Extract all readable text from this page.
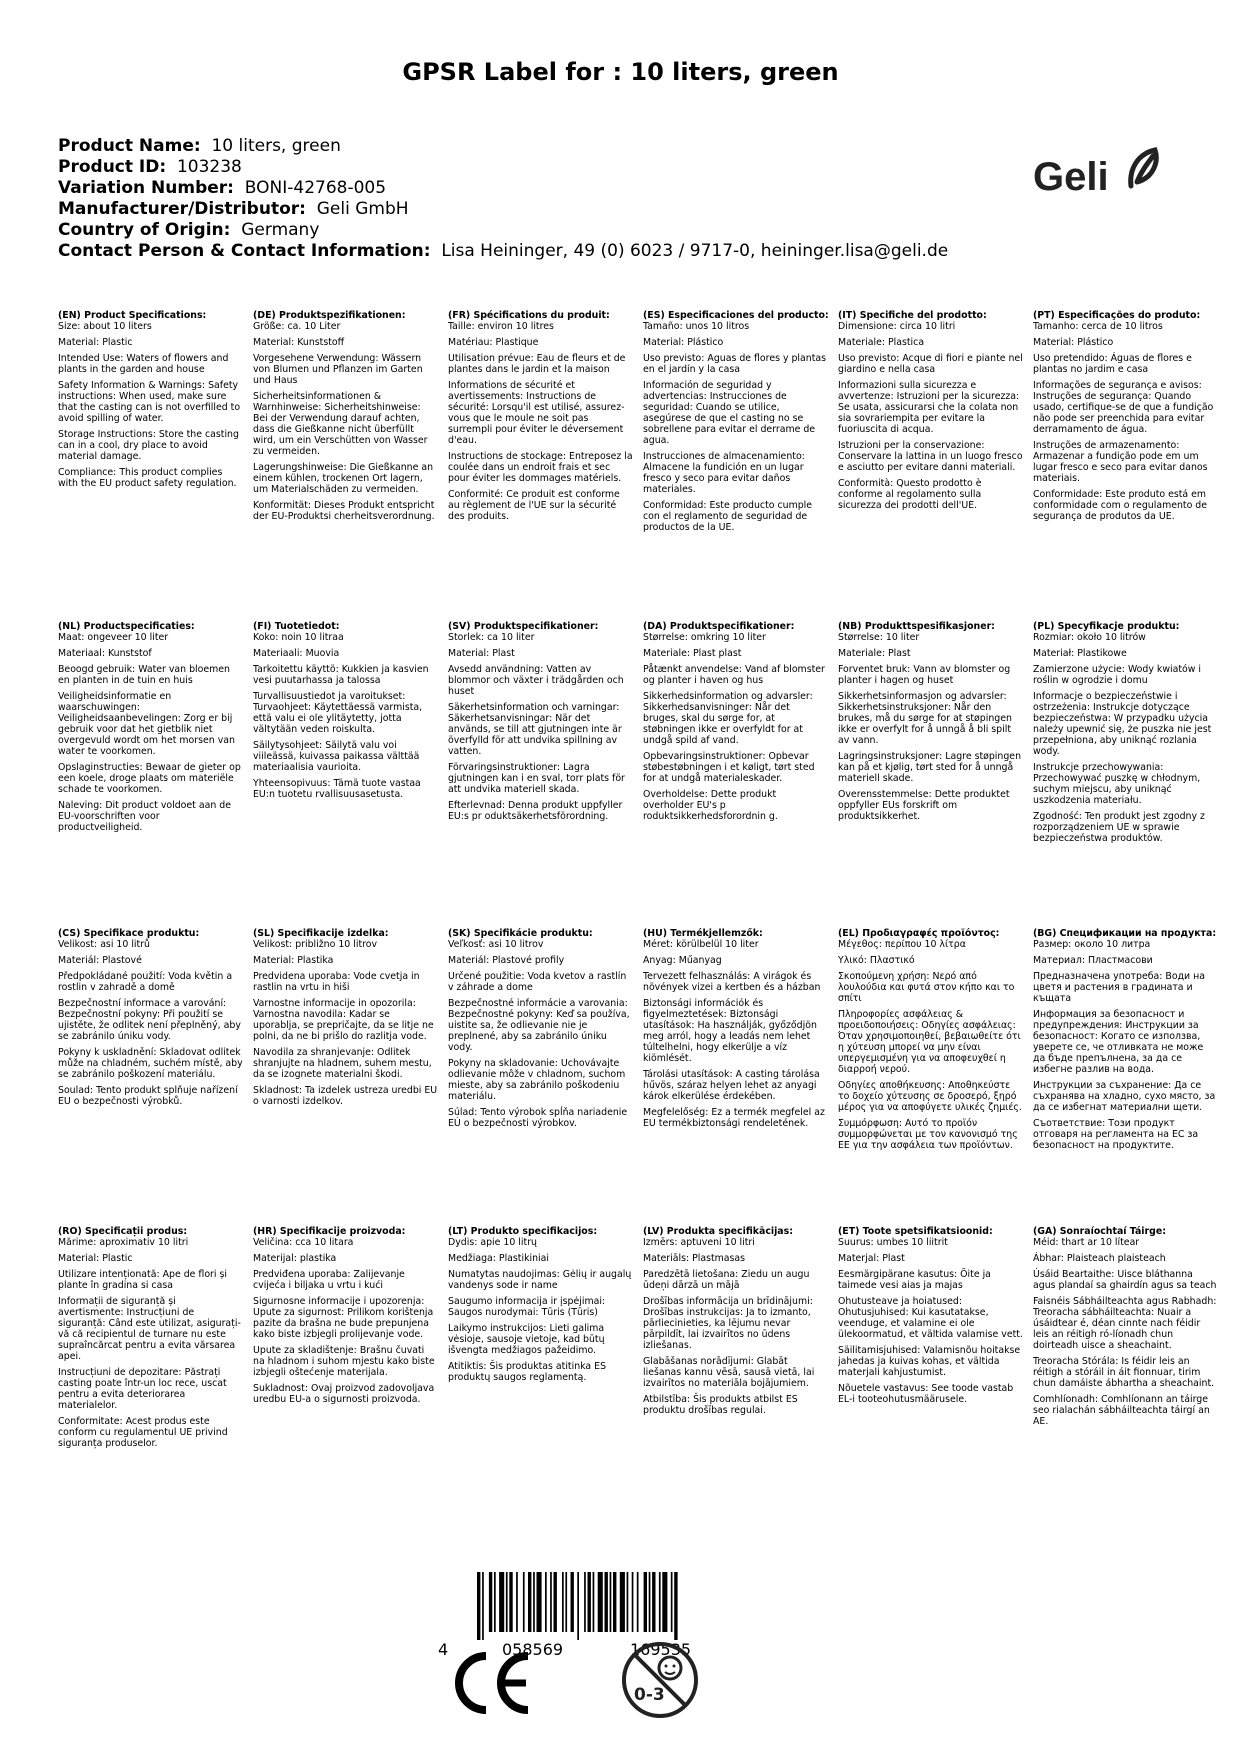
GPSR Label for : 10 liters, green
Product Name: 10 liters, green
Product ID: 103238
Variation Number: BONI-42768-005
Manufacturer/Distributor: Geli GmbH
Country of Origin: Germany
Contact Person & Contact Information: Lisa Heininger, 49 (0) 6023 / 9717-0, heininger.lisa@geli.de
Geli
(EN) Product Specifications:
Size: about 10 liters
Material: Plastic
Intended Use: Waters of flowers and plants in the garden and house
Safety Information & Warnings: Safety instructions: When used, make sure that the casting can is not overfilled to avoid spilling of water.
Storage Instructions: Store the casting can in a cool, dry place to avoid material damage.
Compliance: This product complies with the EU product safety regulation.
(DE) Produktspezifikationen:
Größe: ca. 10 Liter
Material: Kunststoff
Vorgesehene Verwendung: Wässern von Blumen und Pflanzen im Garten und Haus
Sicherheitsinformationen & Warnhinweise: Sicherheitshinweise: Bei der Verwendung darauf achten, dass die Gießkanne nicht überfüllt wird, um ein Verschütten von Wasser zu vermeiden.
Lagerungshinweise: Die Gießkanne an einem kühlen, trockenen Ort lagern, um Materialschäden zu vermeiden.
Konformität: Dieses Produkt entspricht der EU-Produktsi cherheitsverordnung.
(FR) Spécifications du produit:
Taille: environ 10 litres
Matériau: Plastique
Utilisation prévue: Eau de fleurs et de plantes dans le jardin et la maison
Informations de sécurité et avertissements: Instructions de sécurité: Lorsqu'il est utilisé, assurez-vous que le moule ne soit pas surrempli pour éviter le déversement d'eau.
Instructions de stockage: Entreposez la coulée dans un endroit frais et sec pour éviter les dommages matériels.
Conformité: Ce produit est conforme au règlement de l'UE sur la sécurité des produits.
(ES) Especificaciones del producto:
Tamaño: unos 10 litros
Material: Plástico
Uso previsto: Aguas de flores y plantas en el jardín y la casa
Información de seguridad y advertencias: Instrucciones de seguridad: Cuando se utilice, asegúrese de que el casting no se sobrellene para evitar el derrame de agua.
Instrucciones de almacenamiento: Almacene la fundición en un lugar fresco y seco para evitar daños materiales.
Conformidad: Este producto cumple con el reglamento de seguridad de productos de la UE.
(IT) Specifiche del prodotto:
Dimensione: circa 10 litri
Materiale: Plastica
Uso previsto: Acque di fiori e piante nel giardino e nella casa
Informazioni sulla sicurezza e avvertenze: Istruzioni per la sicurezza: Se usata, assicurarsi che la colata non sia sovrariempita per evitare la fuoriuscita di acqua.
Istruzioni per la conservazione: Conservare la lattina in un luogo fresco e asciutto per evitare danni materiali.
Conformità: Questo prodotto è conforme al regolamento sulla sicurezza dei prodotti dell'UE.
(PT) Especificações do produto:
Tamanho: cerca de 10 litros
Material: Plástico
Uso pretendido: Águas de flores e plantas no jardim e casa
Informações de segurança e avisos: Instruções de segurança: Quando usado, certifique-se de que a fundição não pode ser preenchida para evitar derramamento de água.
Instruções de armazenamento: Armazenar a fundição pode em um lugar fresco e seco para evitar danos materiais.
Conformidade: Este produto está em conformidade com o regulamento de segurança de produtos da UE.
(NL) Productspecificaties:
Maat: ongeveer 10 liter
Materiaal: Kunststof
Beoogd gebruik: Water van bloemen en planten in de tuin en huis
Veiligheidsinformatie en waarschuwingen: Veiligheidsaanbevelingen: Zorg er bij gebruik voor dat het gietblik niet overgevuld wordt om het morsen van water te voorkomen.
Opslaginstructies: Bewaar de gieter op een koele, droge plaats om materiële schade te voorkomen.
Naleving: Dit product voldoet aan de EU-voorschriften voor productveiligheid.
(FI) Tuotetiedot:
Koko: noin 10 litraa
Materiaali: Muovia
Tarkoitettu käyttö: Kukkien ja kasvien vesi puutarhassa ja talossa
Turvallisuustiedot ja varoitukset: Turvaohjeet: Käytettäessä varmista, että valu ei ole ylitäytetty, jotta vältytään veden roiskulta.
Säilytysohjeet: Säilytä valu voi viileässä, kuivassa paikassa välttää materiaalisia vaurioita.
Yhteensopivuus: Tämä tuote vastaa EU:n tuotetu rvallisuusasetusta.
(SV) Produktspecifikationer:
Storlek: ca 10 liter
Material: Plast
Avsedd användning: Vatten av blommor och växter i trädgården och huset
Säkerhetsinformation och varningar: Säkerhetsanvisningar: När det används, se till att gjutningen inte är överfylld för att undvika spillning av vatten.
Förvaringsinstruktioner: Lagra gjutningen kan i en sval, torr plats för att undvika materiell skada.
Efterlevnad: Denna produkt uppfyller EU:s pr oduktsäkerhetsförordning.
(DA) Produktspecifikationer:
Størrelse: omkring 10 liter
Materiale: Plast plast
Påtænkt anvendelse: Vand af blomster og planter i haven og hus
Sikkerhedsinformation og advarsler: Sikkerhedsanvisninger: Når det bruges, skal du sørge for, at støbningen ikke er overfyldt for at undgå spild af vand.
Opbevaringsinstruktioner: Opbevar støbestøbningen i et køligt, tørt sted for at undgå materialeskader.
Overholdelse: Dette produkt overholder EU's p roduktsikkerhedsforordnin g.
(NB) Produkttspesifikasjoner:
Størrelse: 10 liter
Materiale: Plast
Forventet bruk: Vann av blomster og planter i hagen og huset
Sikkerhetsinformasjon og advarsler: Sikkerhetsinstruksjoner: Når den brukes, må du sørge for at støpingen ikke er overfylt for å unngå å bli spilt av vann.
Lagringsinstruksjoner: Lagre støpingen kan på et kjølig, tørt sted for å unngå materiell skade.
Overensstemmelse: Dette produktet oppfyller EUs forskrift om produktsikkerhet.
(PL) Specyfikacje produktu:
Rozmiar: około 10 litrów
Materiał: Plastikowe
Zamierzone użycie: Wody kwiatów i roślin w ogrodzie i domu
Informacje o bezpieczeństwie i ostrzeżenia: Instrukcje dotyczące bezpieczeństwa: W przypadku użycia należy upewnić się, że puszka nie jest przepełniona, aby uniknąć rozlania wody.
Instrukcje przechowywania: Przechowywać puszkę w chłodnym, suchym miejscu, aby uniknąć uszkodzenia materiału.
Zgodność: Ten produkt jest zgodny z rozporządzeniem UE w sprawie bezpieczeństwa produktów.
(CS) Specifikace produktu:
Velikost: asi 10 litrů
Materiál: Plastové
Předpokládané použití: Voda květin a rostlin v zahradě a domě
Bezpečnostní informace a varování: Bezpečnostní pokyny: Při použití se ujistěte, že odlitek není přeplněný, aby se zabránilo úniku vody.
Pokyny k uskladnění: Skladovat odlitek může na chladném, suchém místě, aby se zabránilo poškození materiálu.
Soulad: Tento produkt splňuje nařízení EU o bezpečnosti výrobků.
(SL) Specifikacije izdelka:
Velikost: približno 10 litrov
Material: Plastika
Predvidena uporaba: Vode cvetja in rastlin na vrtu in hiši
Varnostne informacije in opozorila: Varnostna navodila: Kadar se uporablja, se prepričajte, da se litje ne polni, da ne bi prišlo do razlitja vode.
Navodila za shranjevanje: Odlitek shranjujte na hladnem, suhem mestu, da se izognete materialni škodi.
Skladnost: Ta izdelek ustreza uredbi EU o varnosti izdelkov.
(SK) Špecifikácie produktu:
Veľkosť: asi 10 litrov
Materiál: Plastové profily
Určené použitie: Voda kvetov a rastlín v záhrade a dome
Bezpečnostné informácie a varovania: Bezpečnostné pokyny: Keď sa používa, uistite sa, že odlievanie nie je preplnené, aby sa zabránilo úniku vody.
Pokyny na skladovanie: Uchovávajte odlievanie môže v chladnom, suchom mieste, aby sa zabránilo poškodeniu materiálu.
Súlad: Tento výrobok spĺňa nariadenie EÚ o bezpečnosti výrobkov.
(HU) Termékjellemzők:
Méret: körülbelül 10 liter
Anyag: Műanyag
Tervezett felhasználás: A virágok és növények vizei a kertben és a házban
Biztonsági információk és figyelmeztetések: Biztonsági utasítások: Ha használják, győződjön meg arról, hogy a leadás nem lehet túltelhelni, hogy elkerülje a víz kiömlését.
Tárolási utasítások: A casting tárolása hűvös, száraz helyen lehet az anyagi károk elkerülése érdekében.
Megfelelőség: Ez a termék megfelel az EU termékbiztonsági rendeletének.
(EL) Προδιαγραφές προϊόντος:
Μέγεθος: περίπου 10 λίτρα
Υλικό: Πλαστικό
Σκοπούμενη χρήση: Νερό από λουλούδια και φυτά στον κήπο και το σπίτι
Πληροφορίες ασφάλειας & προειδοποιήσεις: Οδηγίες ασφάλειας: Όταν χρησιμοποιηθεί, βεβαιωθείτε ότι η χύτευση μπορεί να μην είναι υπεργεμισμένη για να αποφευχθεί η διαρροή νερού.
Οδηγίες αποθήκευσης: Αποθηκεύστε το δοχείο χύτευσης σε δροσερό, ξηρό μέρος για να αποφύγετε υλικές ζημιές.
Συμμόρφωση: Αυτό το προϊόν συμμορφώνεται με τον κανονισμό της ΕΕ για την ασφάλεια των προϊόντων.
(BG) Спецификации на продукта:
Размер: около 10 литра
Материал: Пластмасови
Предназначена употреба: Води на цветя и растения в градината и къщата
Информация за безопасност и предупреждения: Инструкции за безопасност: Когато се използва, уверете се, че отливката не може да бъде препълнена, за да се избегне разлив на вода.
Инструкции за съхранение: Да се съхранява на хладно, сухо място, за да се избегнат материални щети.
Съответствие: Този продукт отговаря на регламента на ЕС за безопасност на продуктите.
(RO) Specificații produs:
Mărime: aproximativ 10 litri
Material: Plastic
Utilizare intenționată: Ape de flori și plante în gradina si casa
Informații de siguranță și avertismente: Instrucțiuni de siguranță: Când este utilizat, asigurați-vă că recipientul de turnare nu este supraîncărcat pentru a evita vărsarea apei.
Instrucțiuni de depozitare: Păstrați casting poate într-un loc rece, uscat pentru a evita deteriorarea materialelor.
Conformitate: Acest produs este conform cu regulamentul UE privind siguranța produselor.
(HR) Specifikacije proizvoda:
Veličina: cca 10 litara
Materijal: plastika
Predviđena uporaba: Zalijevanje cvijeća i biljaka u vrtu i kući
Sigurnosne informacije i upozorenja: Upute za sigurnost: Prilikom korištenja pazite da brašna ne bude prepunjena kako biste izbjegli prolijevanje vode.
Upute za skladištenje: Brašnu čuvati na hladnom i suhom mjestu kako biste izbjegli oštećenje materijala.
Sukladnost: Ovaj proizvod zadovoljava uredbu EU-a o sigurnosti proizvoda.
(LT) Produkto specifikacijos:
Dydis: apie 10 litrų
Medžiaga: Plastikiniai
Numatytas naudojimas: Gėlių ir augalų vandenys sode ir name
Saugumo informacija ir įspėjimai: Saugos nurodymai: Tūris (Tūris)
Laikymo instrukcijos: Lieti galima vėsioje, sausoje vietoje, kad būtų išvengta medžiagos pažeidimo.
Atitiktis: Šis produktas atitinka ES produktų saugos reglamentą.
(LV) Produkta specifikācijas:
Izmērs: aptuveni 10 litri
Materiāls: Plastmasas
Paredzētā lietošana: Ziedu un augu ūdeņi dārzā un mājā
Drošības informācija un brīdinājumi: Drošības instrukcijas: Ja to izmanto, pārliecinieties, ka lējumu nevar pārpildīt, lai izvairītos no ūdens izliešanas.
Glabāšanas norādījumi: Glabāt liešanas kannu vēsā, sausā vietā, lai izvairītos no materiāla bojājumiem.
Atbilstība: Šis produkts atbilst ES produktu drošības regulai.
(ET) Toote spetsifikatsioonid:
Suurus: umbes 10 liitrit
Materjal: Plast
Eesmärgipärane kasutus: Õite ja taimede vesi aias ja majas
Ohutusteave ja hoiatused: Ohutusjuhised: Kui kasutatakse, veenduge, et valamine ei ole ülekoormatud, et vältida valamise vett.
Säilitamisjuhised: Valamisnõu hoitakse jahedas ja kuivas kohas, et vältida materjali kahjustumist.
Nõuetele vastavus: See toode vastab EL-i tooteohutusmäärusele.
(GA) Sonraíochtaí Táirge:
Méid: thart ar 10 lítear
Ábhar: Plaisteach plaisteach
Úsáid Beartaithe: Uisce bláthanna agus plandaí sa ghairdín agus sa teach
Faisnéis Sábháilteachta agus Rabhadh: Treoracha sábháilteachta: Nuair a úsáidtear é, déan cinnte nach féidir leis an réitigh ró-líonadh chun doirteadh uisce a sheachaint.
Treoracha Stórála: Is féidir leis an réitigh a stóráil in áit fionnuar, tirim chun damáiste ábhartha a sheachaint.
Comhlíonadh: Comhlíonann an táirge seo rialachán sábháilteachta táirgí an AE.
4	058569	169535
0-3
